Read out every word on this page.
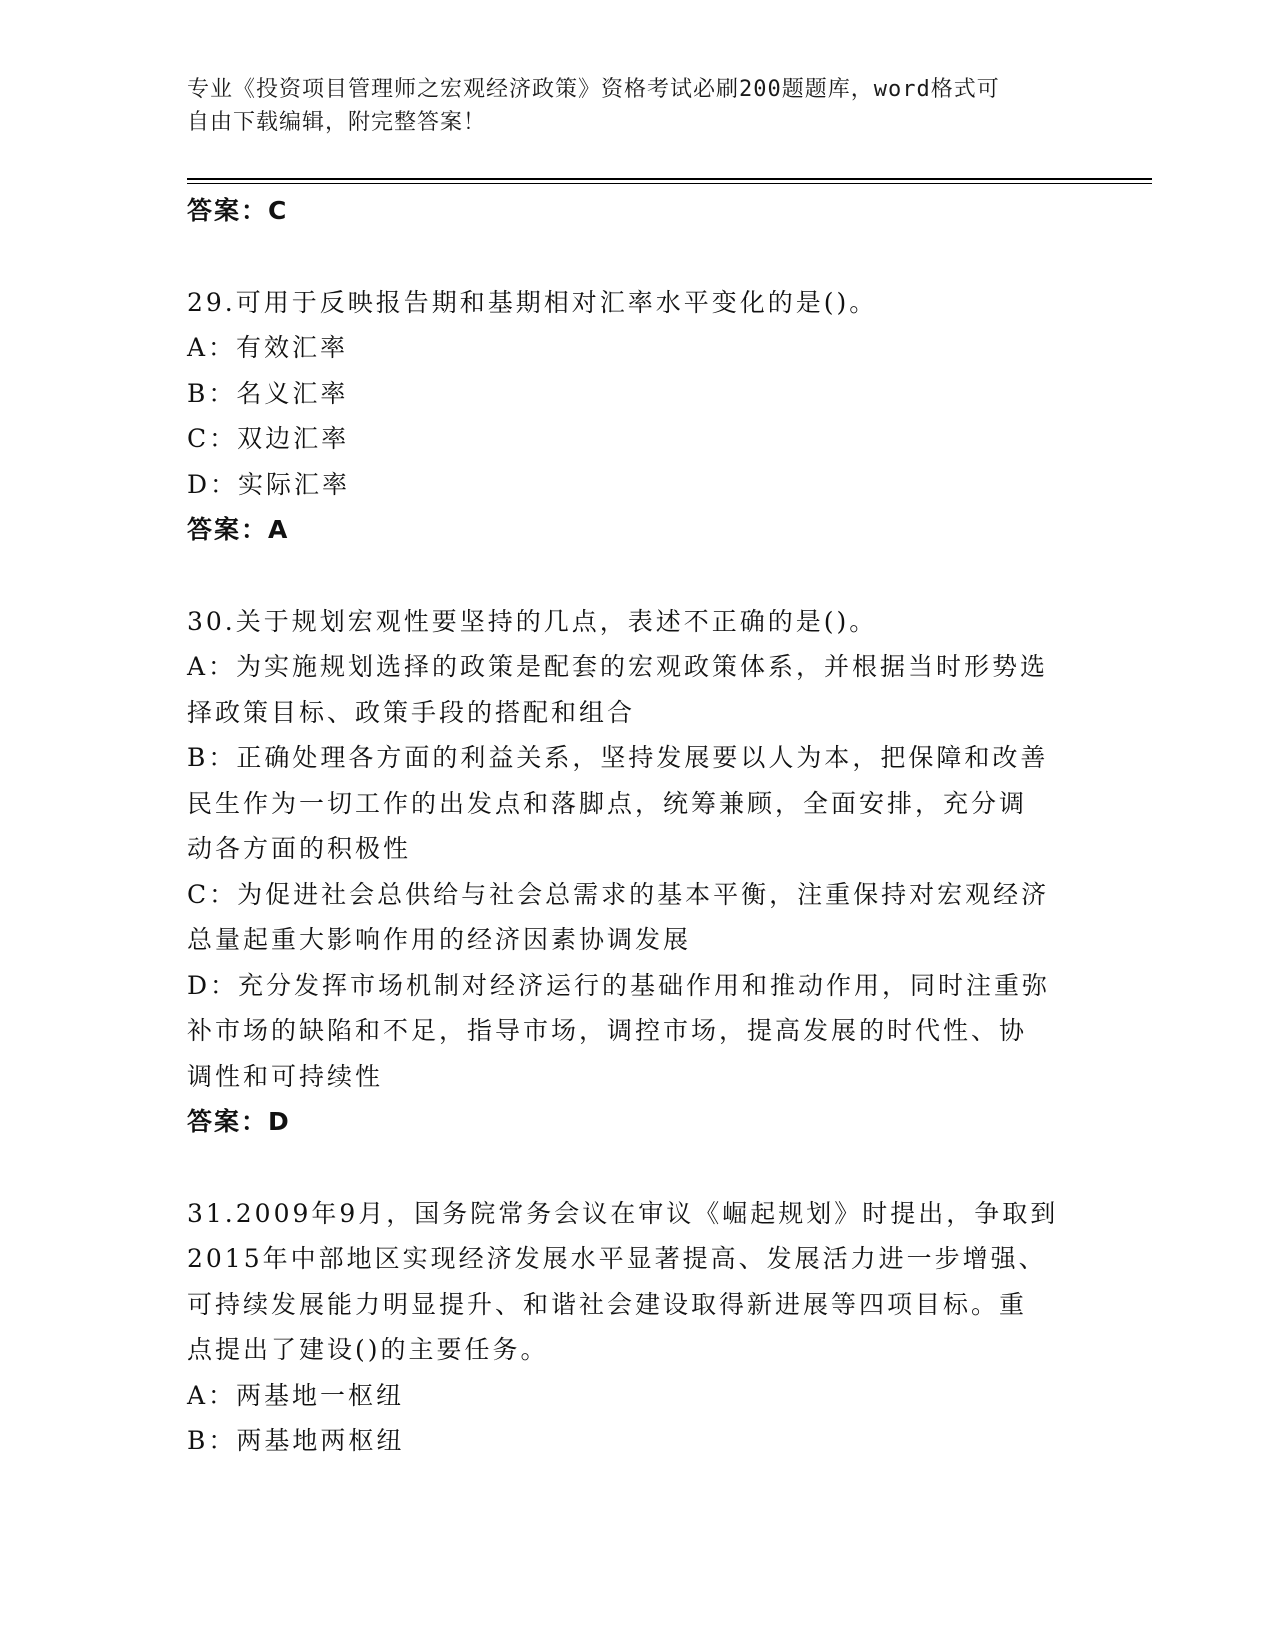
专业《投资项目管理师之宏观经济政策》资格考试必刷200题题库，word格式可
自由下载编辑，附完整答案！
答案：C
29.可用于反映报告期和基期相对汇率水平变化的是()。
A：有效汇率
B：名义汇率
C：双边汇率
D：实际汇率
答案：A
30.关于规划宏观性要坚持的几点，表述不正确的是()。
A：为实施规划选择的政策是配套的宏观政策体系，并根据当时形势选
择政策目标、政策手段的搭配和组合
B：正确处理各方面的利益关系，坚持发展要以人为本，把保障和改善
民生作为一切工作的出发点和落脚点，统筹兼顾，全面安排，充分调
动各方面的积极性
C：为促进社会总供给与社会总需求的基本平衡，注重保持对宏观经济
总量起重大影响作用的经济因素协调发展
D：充分发挥市场机制对经济运行的基础作用和推动作用，同时注重弥
补市场的缺陷和不足，指导市场，调控市场，提高发展的时代性、协
调性和可持续性
答案：D
31.2009年9月，国务院常务会议在审议《崛起规划》时提出，争取到
2015年中部地区实现经济发展水平显著提高、发展活力进一步增强、
可持续发展能力明显提升、和谐社会建设取得新进展等四项目标。重
点提出了建设()的主要任务。
A：两基地一枢纽
B：两基地两枢纽
